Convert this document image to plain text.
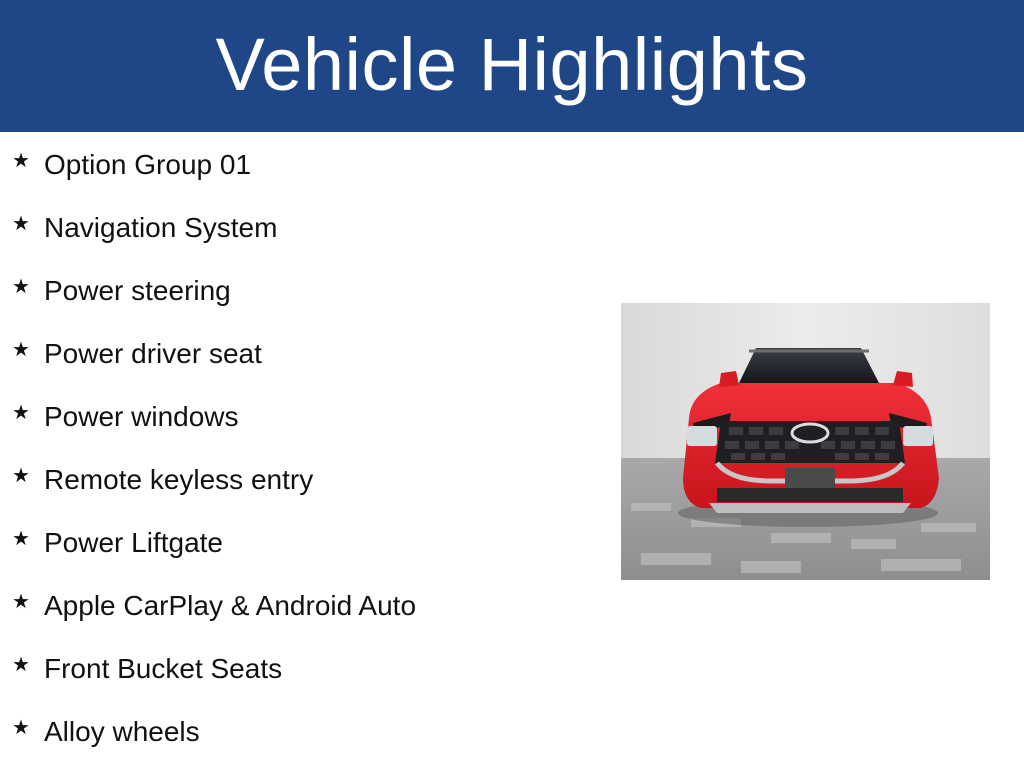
Vehicle Highlights
★ Option Group 01
★ Navigation System
★ Power steering
★ Power driver seat
★ Power windows
★ Remote keyless entry
★ Power Liftgate
★ Apple CarPlay & Android Auto
★ Front Bucket Seats
★ Alloy wheels
